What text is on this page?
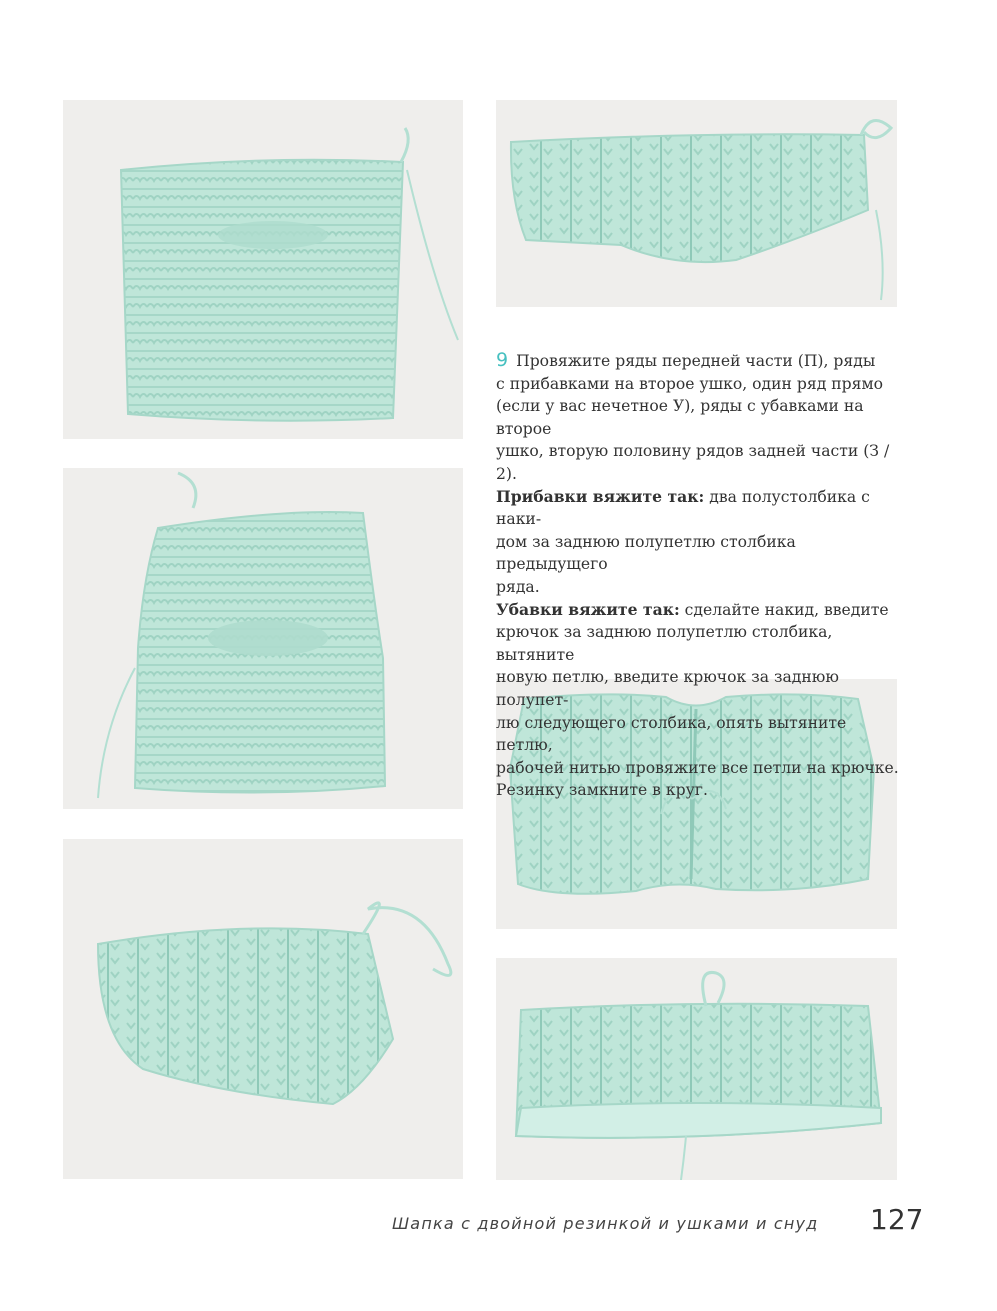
9 Провяжите ряды передней части (П), ряды
с прибавками на второе ушко, один ряд прямо
(если у вас нечетное У), ряды с убавками на второе
ушко, вторую половину рядов задней части (З / 2).

Прибавки вяжите так: два полустолбика с наки-
дом за заднюю полупетлю столбика предыдущего
ряда.

Убавки вяжите так: сделайте накид, введите
крючок за заднюю полупетлю столбика, вытяните
новую петлю, введите крючок за заднюю полупет-
лю следующего столбика, опять вытяните петлю,
рабочей нитью провяжите все петли на крючке.
Резинку замкните в круг.

Шапка с двойной резинкой и ушками и снуд 127
